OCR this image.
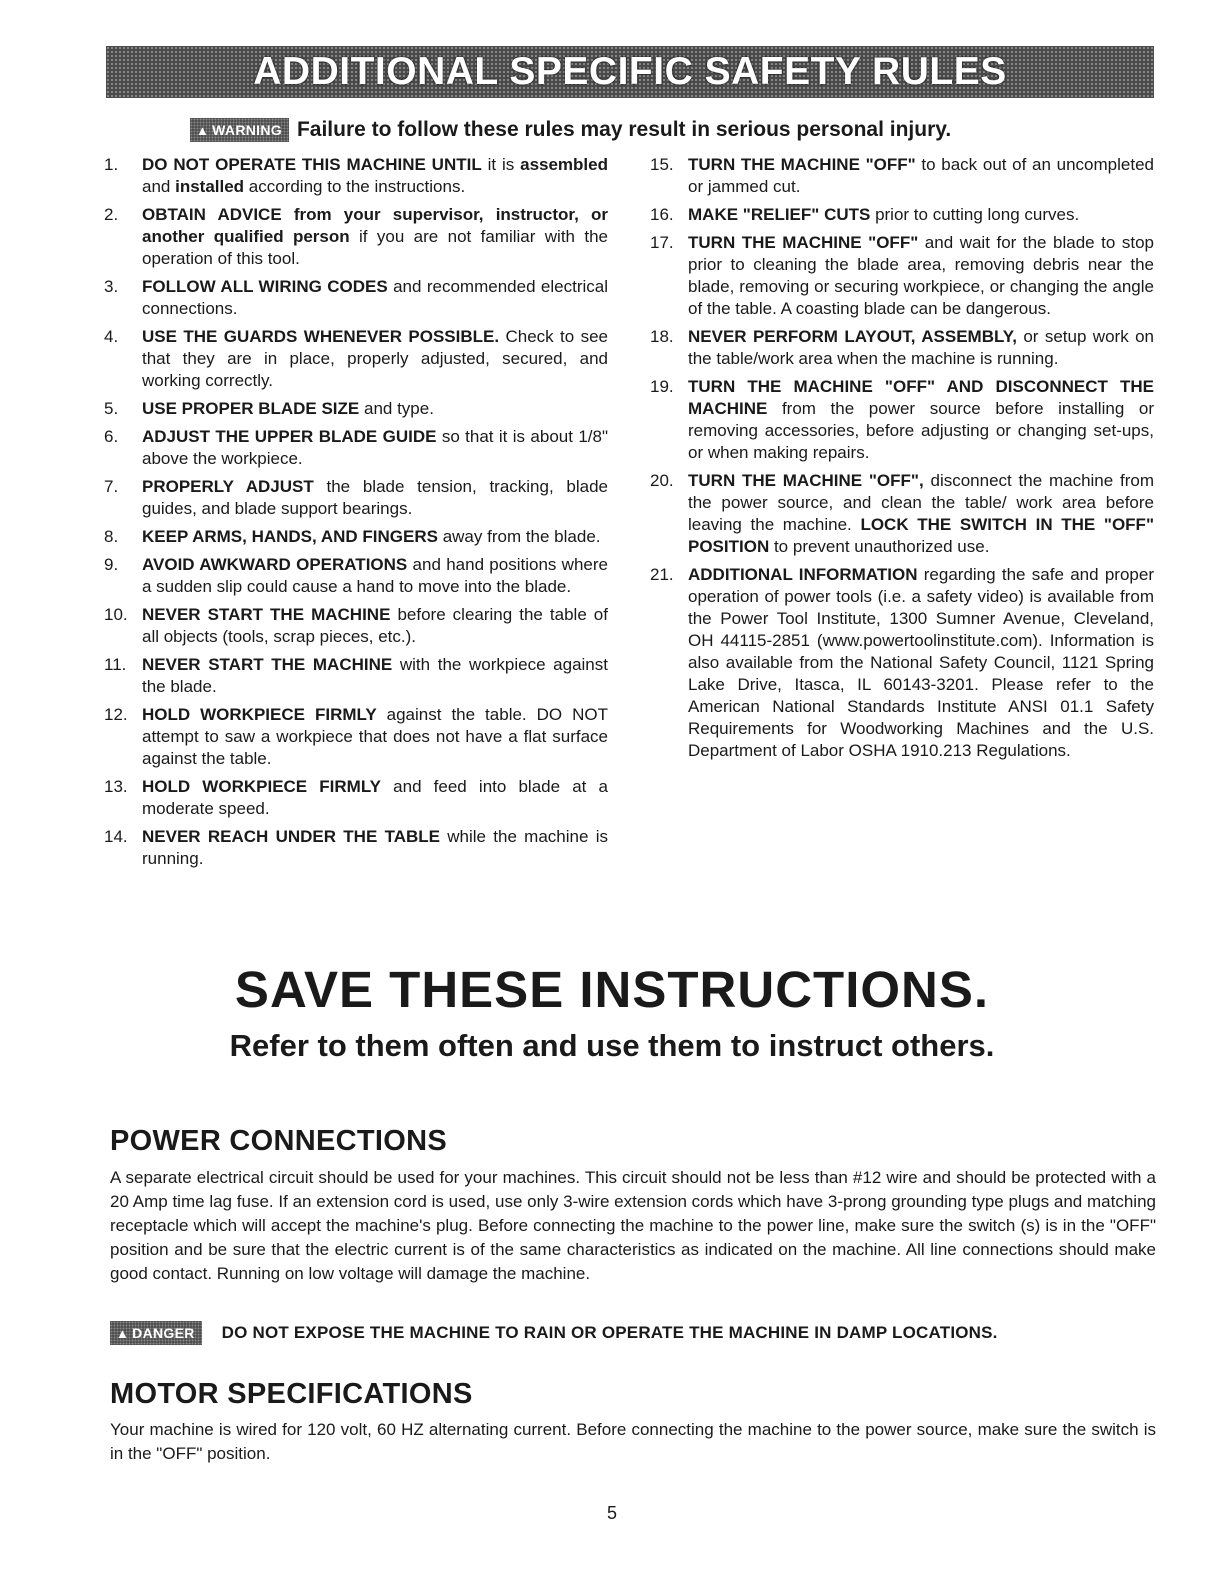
ADDITIONAL SPECIFIC SAFETY RULES
▲ WARNING Failure to follow these rules may result in serious personal injury.
1.	DO NOT OPERATE THIS MACHINE UNTIL it is assembled and installed according to the instructions.
2.	OBTAIN ADVICE from your supervisor, instructor, or another qualified person if you are not familiar with the operation of this tool.
3.	FOLLOW ALL WIRING CODES and recommended electrical connections.
4.	USE THE GUARDS WHENEVER POSSIBLE. Check to see that they are in place, properly adjusted, secured, and working correctly.
5.	USE PROPER BLADE SIZE and type.
6.	ADJUST THE UPPER BLADE GUIDE so that it is about 1/8" above the workpiece.
7.	PROPERLY ADJUST the blade tension, tracking, blade guides, and blade support bearings.
8.	KEEP ARMS, HANDS, AND FINGERS away from the blade.
9.	AVOID AWKWARD OPERATIONS and hand positions where a sudden slip could cause a hand to move into the blade.
10. NEVER START THE MACHINE before clearing the table of all objects (tools, scrap pieces, etc.).
11. NEVER START THE MACHINE with the workpiece against the blade.
12. HOLD WORKPIECE FIRMLY against the table. DO NOT attempt to saw a workpiece that does not have a flat surface against the table.
13. HOLD WORKPIECE FIRMLY and feed into blade at a moderate speed.
14. NEVER REACH UNDER THE TABLE while the machine is running.
15. TURN THE MACHINE "OFF" to back out of an uncompleted or jammed cut.
16. MAKE "RELIEF" CUTS prior to cutting long curves.
17. TURN THE MACHINE "OFF" and wait for the blade to stop prior to cleaning the blade area, removing debris near the blade, removing or securing workpiece, or changing the angle of the table. A coasting blade can be dangerous.
18. NEVER PERFORM LAYOUT, ASSEMBLY, or setup work on the table/work area when the machine is running.
19. TURN THE MACHINE "OFF" AND DISCONNECT THE MACHINE from the power source before installing or removing accessories, before adjusting or changing set-ups, or when making repairs.
20. TURN THE MACHINE "OFF", disconnect the machine from the power source, and clean the table/ work area before leaving the machine. LOCK THE SWITCH IN THE "OFF" POSITION to prevent unauthorized use.
21. ADDITIONAL INFORMATION regarding the safe and proper operation of power tools (i.e. a safety video) is available from the Power Tool Institute, 1300 Sumner Avenue, Cleveland, OH 44115-2851 (www.powertoolinstitute.com). Information is also available from the National Safety Council, 1121 Spring Lake Drive, Itasca, IL 60143-3201. Please refer to the American National Standards Institute ANSI 01.1 Safety Requirements for Woodworking Machines and the U.S. Department of Labor OSHA 1910.213 Regulations.
SAVE THESE INSTRUCTIONS.
Refer to them often and use them to instruct others.
POWER CONNECTIONS
A separate electrical circuit should be used for your machines. This circuit should not be less than #12 wire and should be protected with a 20 Amp time lag fuse. If an extension cord is used, use only 3-wire extension cords which have 3-prong grounding type plugs and matching receptacle which will accept the machine's plug. Before connecting the machine to the power line, make sure the switch (s) is in the "OFF" position and be sure that the electric current is of the same characteristics as indicated on the machine. All line connections should make good contact. Running on low voltage will damage the machine.
▲ DANGER DO NOT EXPOSE THE MACHINE TO RAIN OR OPERATE THE MACHINE IN DAMP LOCATIONS.
MOTOR SPECIFICATIONS
Your machine is wired for 120 volt, 60 HZ alternating current. Before connecting the machine to the power source, make sure the switch is in the "OFF" position.
5
